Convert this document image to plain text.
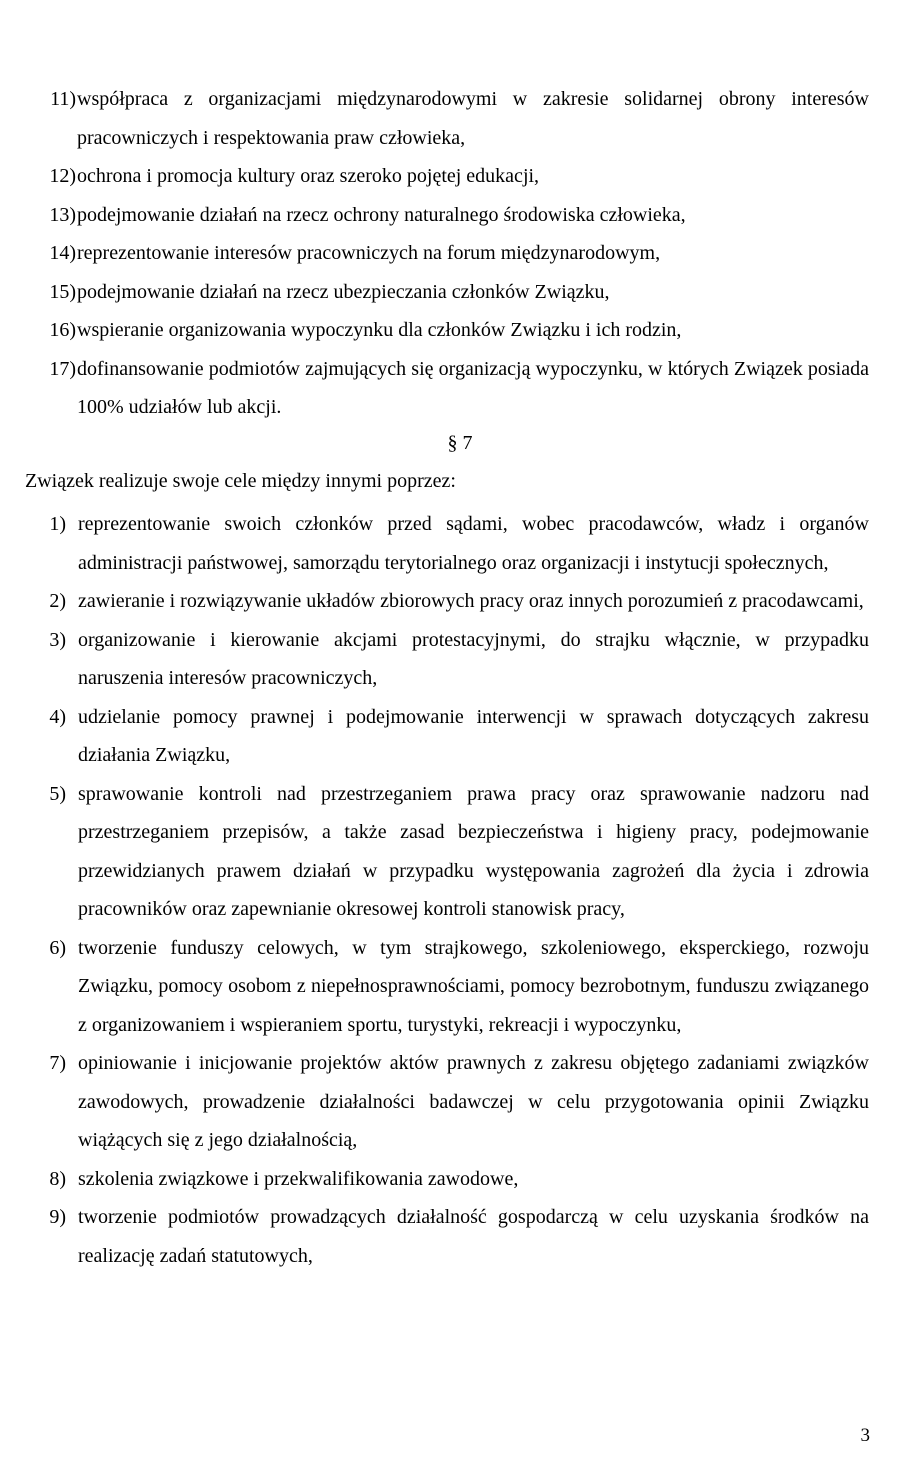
11) współpraca z organizacjami międzynarodowymi w zakresie solidarnej obrony interesów pracowniczych i respektowania praw człowieka,
12) ochrona i promocja kultury oraz szeroko pojętej edukacji,
13) podejmowanie działań na rzecz ochrony naturalnego środowiska człowieka,
14) reprezentowanie interesów pracowniczych na forum międzynarodowym,
15) podejmowanie działań na rzecz ubezpieczania członków Związku,
16) wspieranie organizowania wypoczynku dla członków Związku i ich rodzin,
17) dofinansowanie podmiotów zajmujących się organizacją wypoczynku, w których Związek posiada 100% udziałów lub akcji.
§ 7
Związek realizuje swoje cele między innymi poprzez:
1) reprezentowanie swoich członków przed sądami, wobec pracodawców, władz i organów administracji państwowej, samorządu terytorialnego oraz organizacji i instytucji społecznych,
2) zawieranie i rozwiązywanie układów zbiorowych pracy oraz innych porozumień z pracodawcami,
3) organizowanie i kierowanie akcjami protestacyjnymi, do strajku włącznie, w przypadku naruszenia interesów pracowniczych,
4) udzielanie pomocy prawnej i podejmowanie interwencji w sprawach dotyczących zakresu działania Związku,
5) sprawowanie kontroli nad przestrzeganiem prawa pracy oraz sprawowanie nadzoru nad przestrzeganiem przepisów, a także zasad bezpieczeństwa i higieny pracy, podejmowanie przewidzianych prawem działań w przypadku występowania zagrożeń dla życia i zdrowia pracowników oraz zapewnianie okresowej kontroli stanowisk pracy,
6) tworzenie funduszy celowych, w tym strajkowego, szkoleniowego, eksperckiego, rozwoju Związku, pomocy osobom z niepełnosprawnościami, pomocy bezrobotnym, funduszu związanego z organizowaniem i wspieraniem sportu, turystyki, rekreacji i wypoczynku,
7) opiniowanie i inicjowanie projektów aktów prawnych z zakresu objętego zadaniami związków zawodowych, prowadzenie działalności badawczej w celu przygotowania opinii Związku wiążących się z jego działalnością,
8) szkolenia związkowe i przekwalifikowania zawodowe,
9) tworzenie podmiotów prowadzących działalność gospodarczą w celu uzyskania środków na realizację zadań statutowych,
3
